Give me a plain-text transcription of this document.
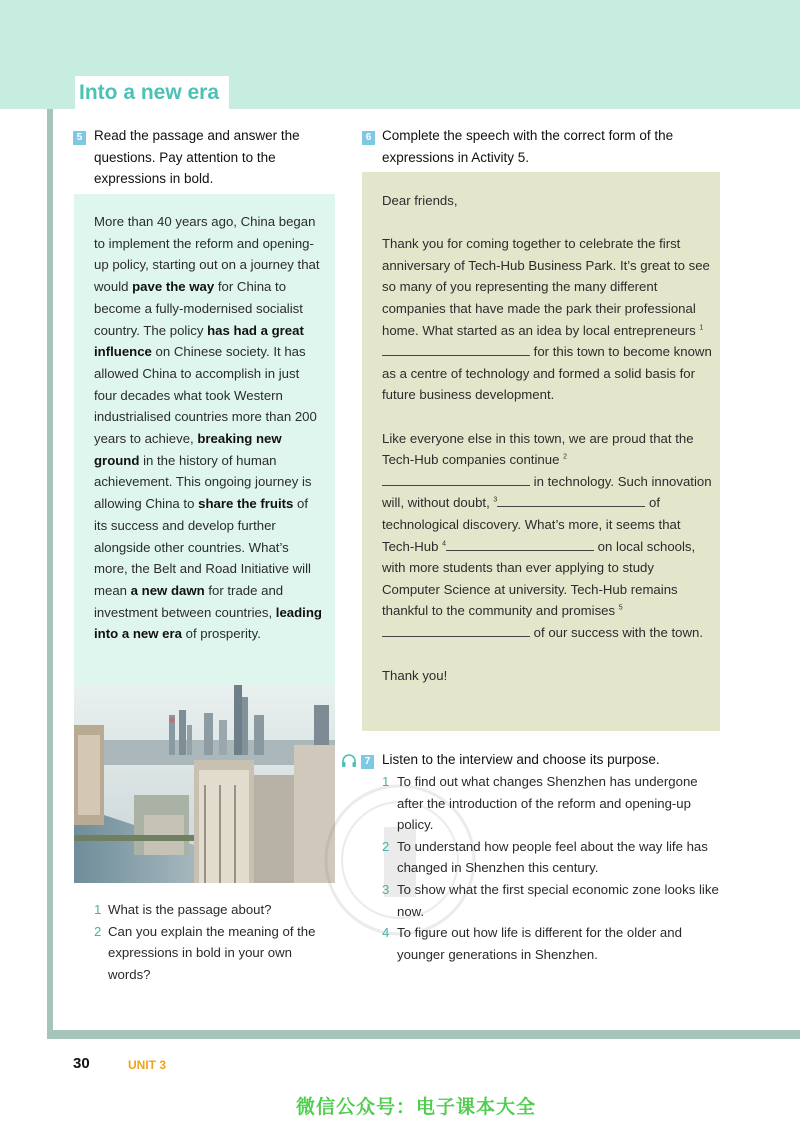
Into a new era
5 Read the passage and answer the
questions. Pay attention to the
expressions in bold.
More than 40 years ago, China began to implement the reform and opening-up policy, starting out on a journey that would pave the way for China to become a fully-modernised socialist country. The policy has had a great influence on Chinese society. It has allowed China to accomplish in just four decades what took Western industrialised countries more than 200 years to achieve, breaking new ground in the history of human achievement. This ongoing journey is allowing China to share the fruits of its success and develop further alongside other countries. What’s more, the Belt and Road Initiative will mean a new dawn for trade and investment between countries, leading into a new era of prosperity.
1 What is the passage about?
2 Can you explain the meaning of the expressions in bold in your own words?
6 Complete the speech with the correct form of the
expressions in Activity 5.

Dear friends,

Thank you for coming together to celebrate the first anniversary of Tech-Hub Business Park. It’s great to see so many of you representing the many different companies that have made the park their professional home. What started as an idea by local entrepreneurs $^1$ for this town to become known as a centre of technology and formed a solid basis for future business development.

Like everyone else in this town, we are proud that the Tech-Hub companies continue $^2$ in technology. Such innovation will, without doubt, $^3$	of technological discovery. What’s more, it seems that Tech-Hub $^4$	on local schools, with more students than ever applying to study Computer Science at university. Tech-Hub remains thankful to the community and promises $^5$ of our success with the town.

Thank you!

7 Listen to the interview and choose its purpose.
1 To find out what changes Shenzhen has undergone after the introduction of the reform and opening-up policy.
2 To understand how people feel about the way life has changed in Shenzhen this century.
3 To show what the first special economic zone looks like now.
4 To figure out how life is different for the older and younger generations in Shenzhen.
30	UNIT 3
微信公众号：电子课本大全
